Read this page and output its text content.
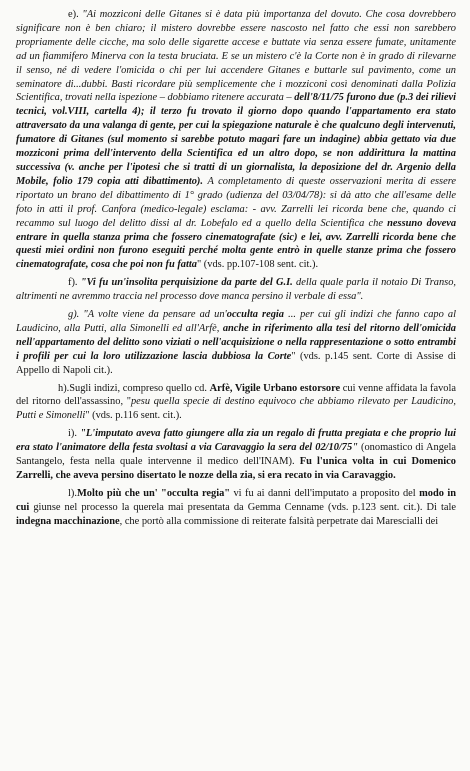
e). "Ai mozziconi delle Gitanes si è data più importanza del dovuto. Che cosa dovrebbero significare non è ben chiaro; il mistero dovrebbe essere nascosto nel fatto che essi non sarebbero propriamente delle cicche, ma solo delle sigarette accese e buttate via senza essere fumate, unitamente ad un fiammifero Minerva con la testa bruciata. E se un mistero c'è la Corte non è in grado di rilevarne il senso, né di vedere l'omicida o chi per lui accendere Gitanes e buttarle sul pavimento, come un seminatore di...dubbi. Basti ricordare più semplicemente che i mozziconi così denominati dalla Polizia Scientifica, trovati nella ispezione – dobbiamo ritenere accurata – dell'8/11/75 furono due (p.3 dei rilievi tecnici, vol.VIII, cartella 4); il terzo fu trovato il giorno dopo quando l'appartamento era stato attraversato da una valanga di gente, per cui la spiegazione naturale è che qualcuno degli intervenuti, fumatore di Gitanes (sul momento si sarebbe potuto magari fare un indagine) abbia gettato via due mozziconi prima dell'intervento della Scientifica ed un altro dopo, se non addirittura la mattina successiva (v. anche per l'ipotesi che si tratti di un giornalista, la deposizione del dr. Argenio della Mobile, folio 179 copia atti dibattimento). A completamento di queste osservazioni merita di essere riportato un brano del dibattimento di 1° grado (udienza del 03/04/78): si dà atto che all'esame delle foto in atti il prof. Canfora (medico-legale) esclama: - avv. Zarrelli lei ricorda bene che, quando ci recammo sul luogo del delitto dissi al dr. Lobefalo ed a quello della Scientifica che nessuno doveva entrare in quella stanza prima che fossero cinematografate (sic) e lei, avv. Zarrelli ricorda bene che questi miei ordini non furono eseguiti perché molta gente entrò in quelle stanze prima che fossero cinematografate, cosa che poi non fu fatta" (vds. pp.107-108 sent. cit.).

f). "Vi fu un'insolita perquisizione da parte del G.I. della quale parla il notaio Di Transo, altrimenti ne avremmo traccia nel processo dove manca persino il verbale di essa".

g). "A volte viene da pensare ad un'occulta regia ... per cui gli indizi che fanno capo al Laudicino, alla Putti, alla Simonelli ed all'Arfè, anche in riferimento alla tesi del ritorno dell'omicida nell'appartamento del delitto sono viziati o nell'acquisizione o nella rappresentazione o sotto entrambi i profili per cui la loro utilizzazione lascia dubbiosa la Corte" (vds. p.145 sent. Corte di Assise di Appello di Napoli cit.).

h).Sugli indizi, compreso quello cd. Arfè, Vigile Urbano estorsore cui venne affidata la favola del ritorno dell'assassino, "pesu quella specie di destino equivoco che abbiamo rilevato per Laudicino, Putti e Simonelli" (vds. p.116 sent. cit.).

i). "L'imputato aveva fatto giungere alla zia un regalo di frutta pregiata e che proprio lui era stato l'animatore della festa svoltasi a via Caravaggio la sera del 02/10/75" (onomastico di Angela Santangelo, festa nella quale intervenne il medico dell'INAM). Fu l'unica volta in cui Domenico Zarrelli, che aveva persino disertato le nozze della zia, si era recato in via Caravaggio.

l).Molto più che un' "occulta regia" vi fu ai danni dell'imputato a proposito del modo in cui giunse nel processo la querela mai presentata da Gemma Cenname (vds. p.123 sent. cit.). Di tale indegna macchinazione, che portò alla commissione di reiterate falsità perpetrate dai Marescialli dei
